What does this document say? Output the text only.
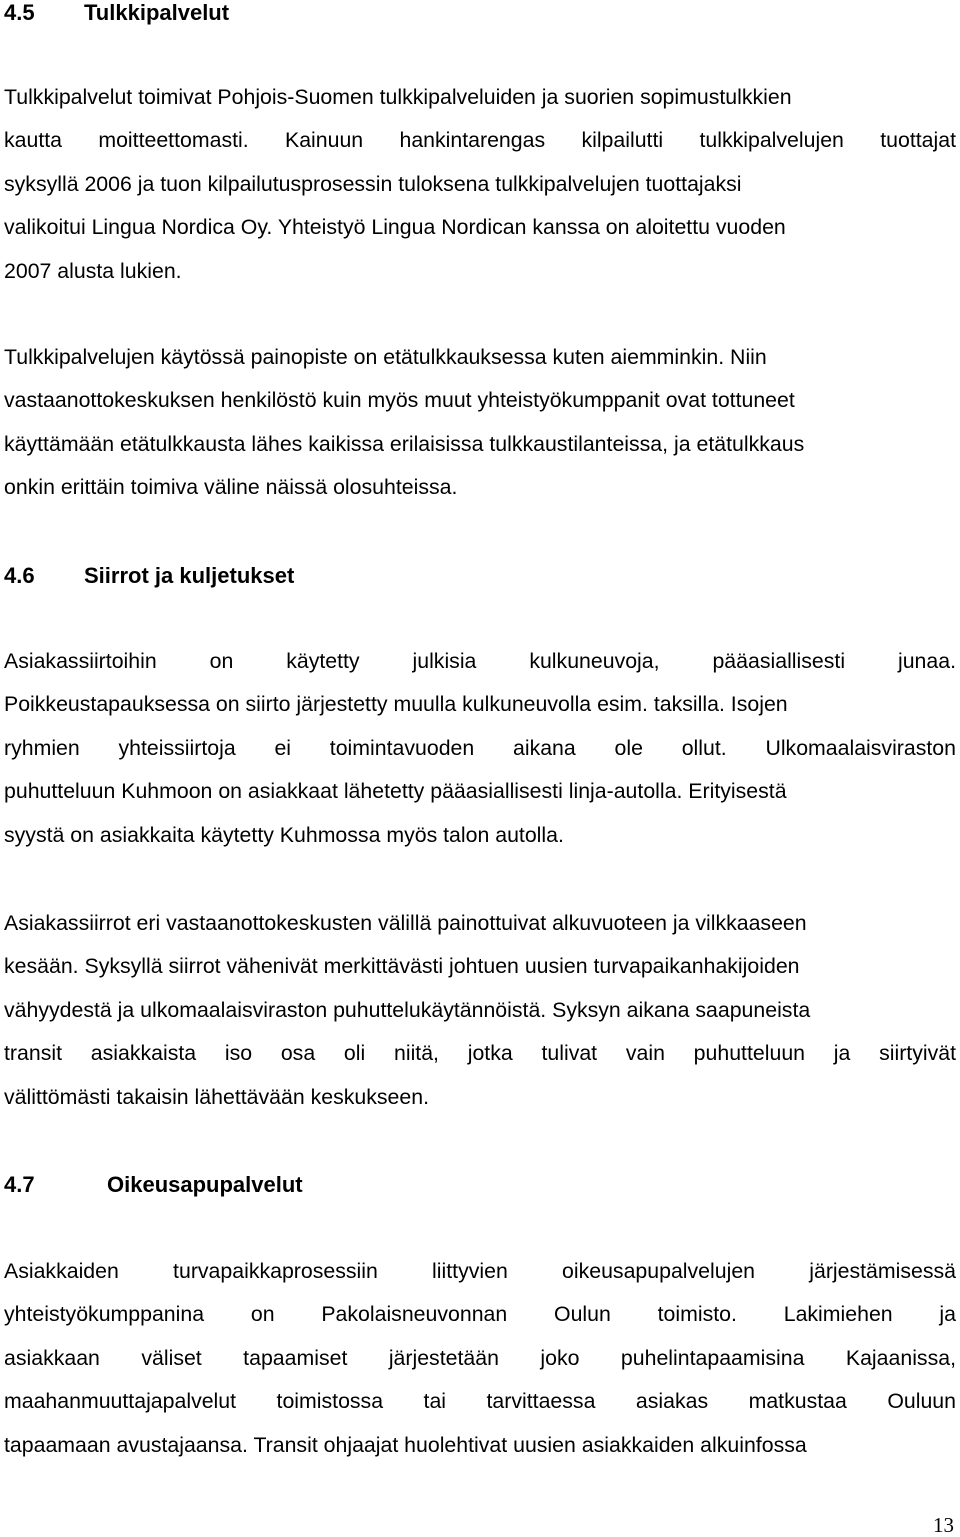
4.5 Tulkkipalvelut
Tulkkipalvelut toimivat Pohjois-Suomen tulkkipalveluiden ja suorien sopimustulkkien
kautta moitteettomasti. Kainuun hankintarengas kilpailutti tulkkipalvelujen tuottajat
syksyllä 2006 ja tuon kilpailutusprosessin tuloksena tulkkipalvelujen tuottajaksi
valikoitui Lingua Nordica Oy. Yhteistyö Lingua Nordican kanssa on aloitettu vuoden
2007 alusta lukien.
Tulkkipalvelujen käytössä painopiste on etätulkkauksessa kuten aiemminkin. Niin
vastaanottokeskuksen henkilöstö kuin myös muut yhteistyökumppanit ovat tottuneet
käyttämään etätulkkausta lähes kaikissa erilaisissa tulkkaustilanteissa, ja etätulkkaus
onkin erittäin toimiva väline näissä olosuhteissa.
4.6 Siirrot ja kuljetukset
Asiakassiirtoihin on käytetty julkisia kulkuneuvoja, pääasiallisesti junaa.
Poikkeustapauksessa on siirto järjestetty muulla kulkuneuvolla esim. taksilla. Isojen
ryhmien yhteissiirtoja ei toimintavuoden aikana ole ollut. Ulkomaalaisviraston
puhutteluun Kuhmoon on asiakkaat lähetetty pääasiallisesti linja-autolla. Erityisestä
syystä on asiakkaita käytetty Kuhmossa myös talon autolla.
Asiakassiirrot eri vastaanottokeskusten välillä painottuivat alkuvuoteen ja vilkkaaseen
kesään. Syksyllä siirrot vähenivät merkittävästi johtuen uusien turvapaikanhakijoiden
vähyydestä ja ulkomaalaisviraston puhuttelukäytännöistä. Syksyn aikana saapuneista
transit asiakkaista iso osa oli niitä, jotka tulivat vain puhutteluun ja siirtyivät
välittömästi takaisin lähettävään keskukseen.
4.7	Oikeusapupalvelut
Asiakkaiden turvapaikkaprosessiin liittyvien oikeusapupalvelujen järjestämisessä
yhteistyökumppanina on Pakolaisneuvonnan Oulun toimisto. Lakimiehen ja
asiakkaan väliset tapaamiset järjestetään joko puhelintapaamisina Kajaanissa,
maahanmuuttajapalvelut toimistossa tai tarvittaessa asiakas matkustaa Ouluun
tapaamaan avustajaansa. Transit ohjaajat huolehtivat uusien asiakkaiden alkuinfossa

13
